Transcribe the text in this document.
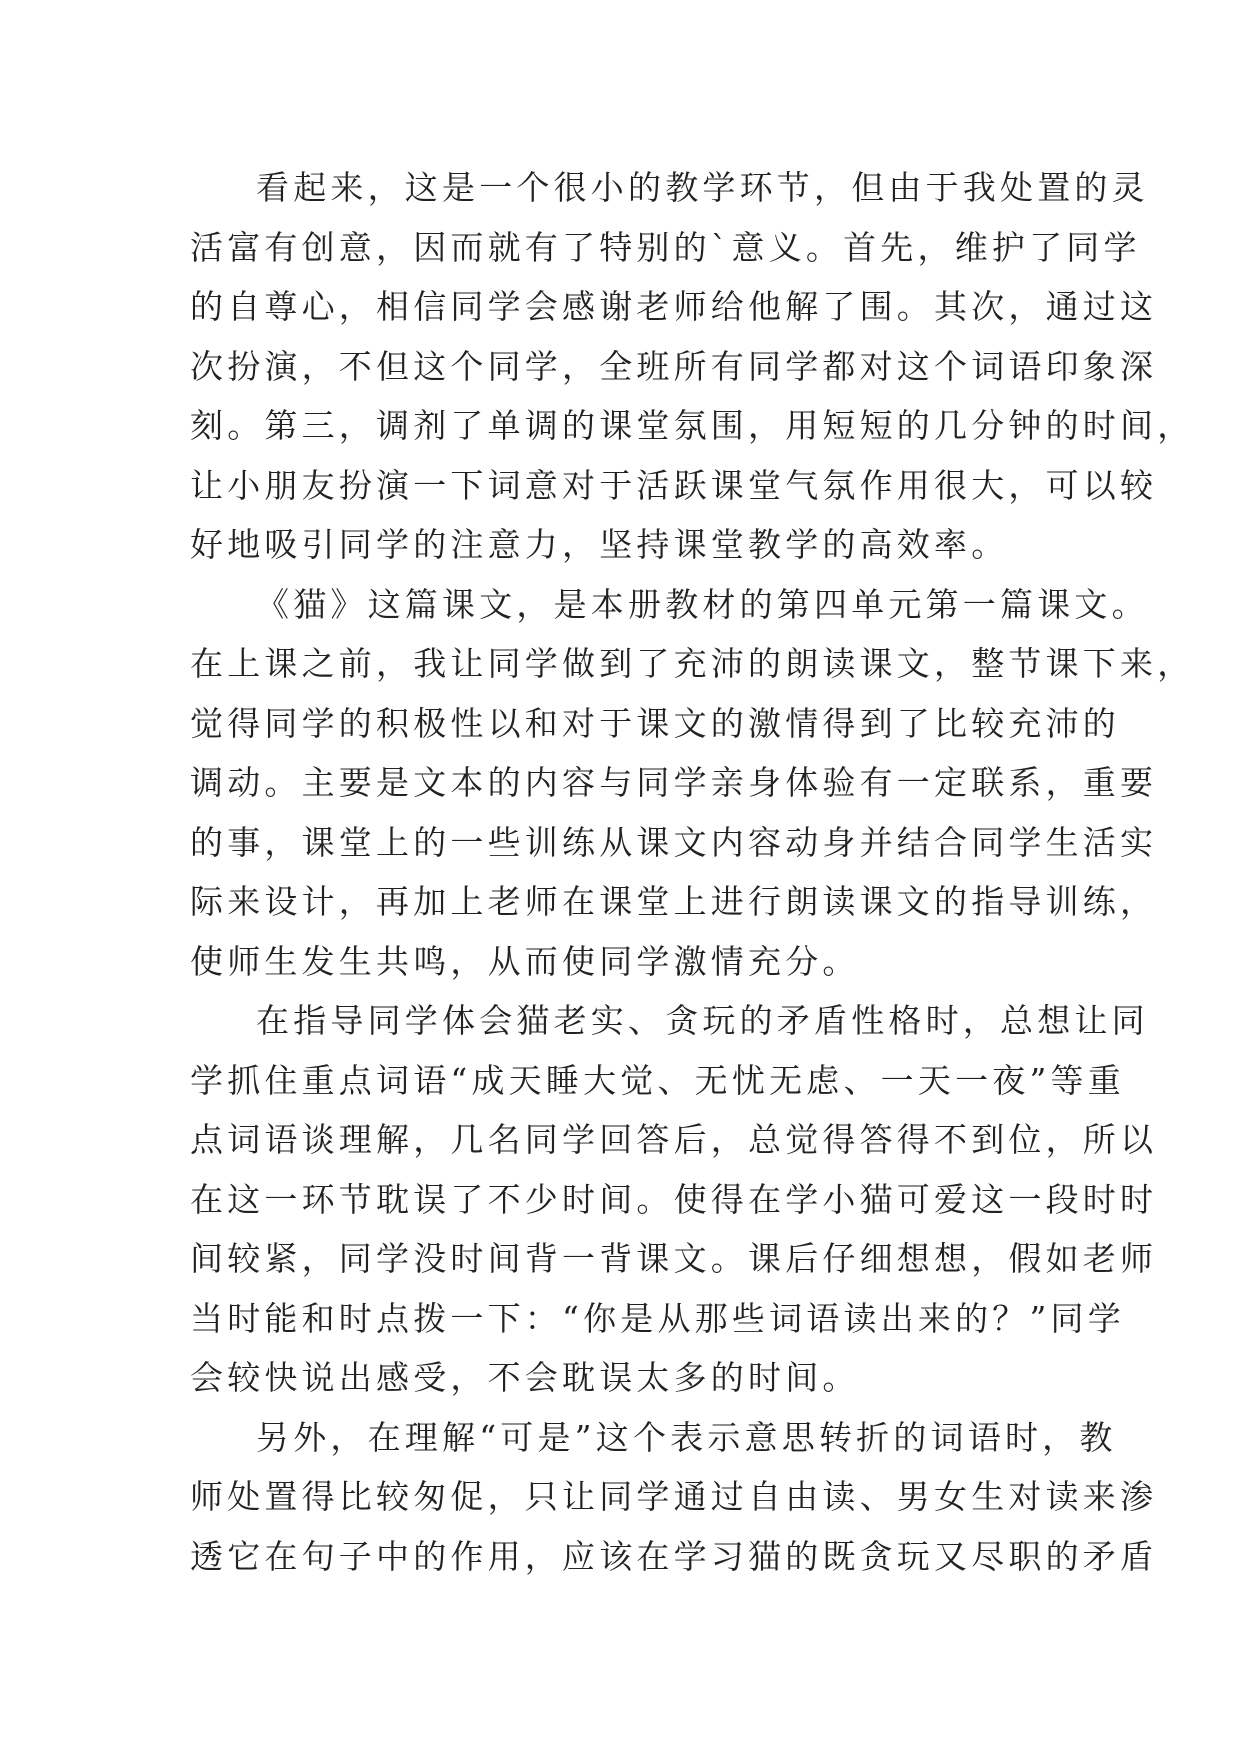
看起来，这是一个很小的教学环节，但由于我处置的灵
活富有创意，因而就有了特别的`意义。首先，维护了同学
的自尊心，相信同学会感谢老师给他解了围。其次，通过这
次扮演，不但这个同学，全班所有同学都对这个词语印象深
刻。第三，调剂了单调的课堂氛围，用短短的几分钟的时间，
让小朋友扮演一下词意对于活跃课堂气氛作用很大，可以较
好地吸引同学的注意力，坚持课堂教学的高效率。
《猫》这篇课文，是本册教材的第四单元第一篇课文。
在上课之前，我让同学做到了充沛的朗读课文，整节课下来，
觉得同学的积极性以和对于课文的激情得到了比较充沛的
调动。主要是文本的内容与同学亲身体验有一定联系，重要
的事，课堂上的一些训练从课文内容动身并结合同学生活实
际来设计，再加上老师在课堂上进行朗读课文的指导训练，
使师生发生共鸣，从而使同学激情充分。
在指导同学体会猫老实、贪玩的矛盾性格时，总想让同
学抓住重点词语“成天睡大觉、无忧无虑、一天一夜”等重
点词语谈理解，几名同学回答后，总觉得答得不到位，所以
在这一环节耽误了不少时间。使得在学小猫可爱这一段时时
间较紧，同学没时间背一背课文。课后仔细想想，假如老师
当时能和时点拨一下：“你是从那些词语读出来的？”同学
会较快说出感受，不会耽误太多的时间。
另外，在理解“可是”这个表示意思转折的词语时，教
师处置得比较匆促，只让同学通过自由读、男女生对读来渗
透它在句子中的作用，应该在学习猫的既贪玩又尽职的矛盾
